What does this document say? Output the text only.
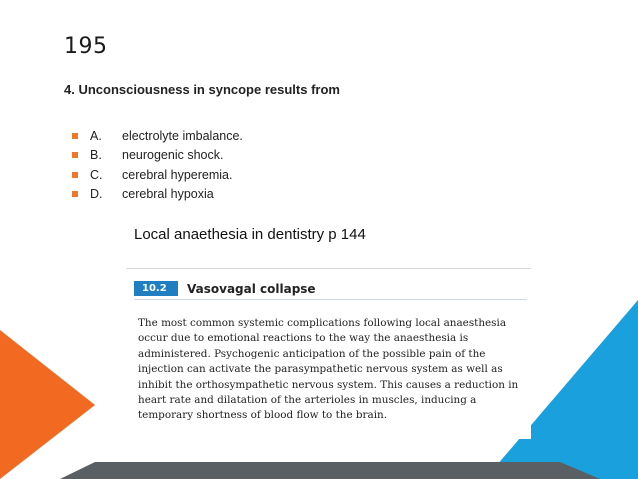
195
4. Unconsciousness in syncope results from
A.	electrolyte imbalance.
B.	neurogenic shock.
C.	cerebral hyperemia.
D.	cerebral hypoxia
Local anaethesia in dentistry p 144
10.2	Vasovagal collapse

The most common systemic complications following local anaesthesia occur due to emotional reactions to the way the anaesthesia is administered. Psychogenic anticipation of the possible pain of the injection can activate the parasympathetic nervous system as well as inhibit the orthosympathetic nervous system. This causes a reduction in heart rate and dilatation of the arterioles in muscles, inducing a temporary shortness of blood flow to the brain.
